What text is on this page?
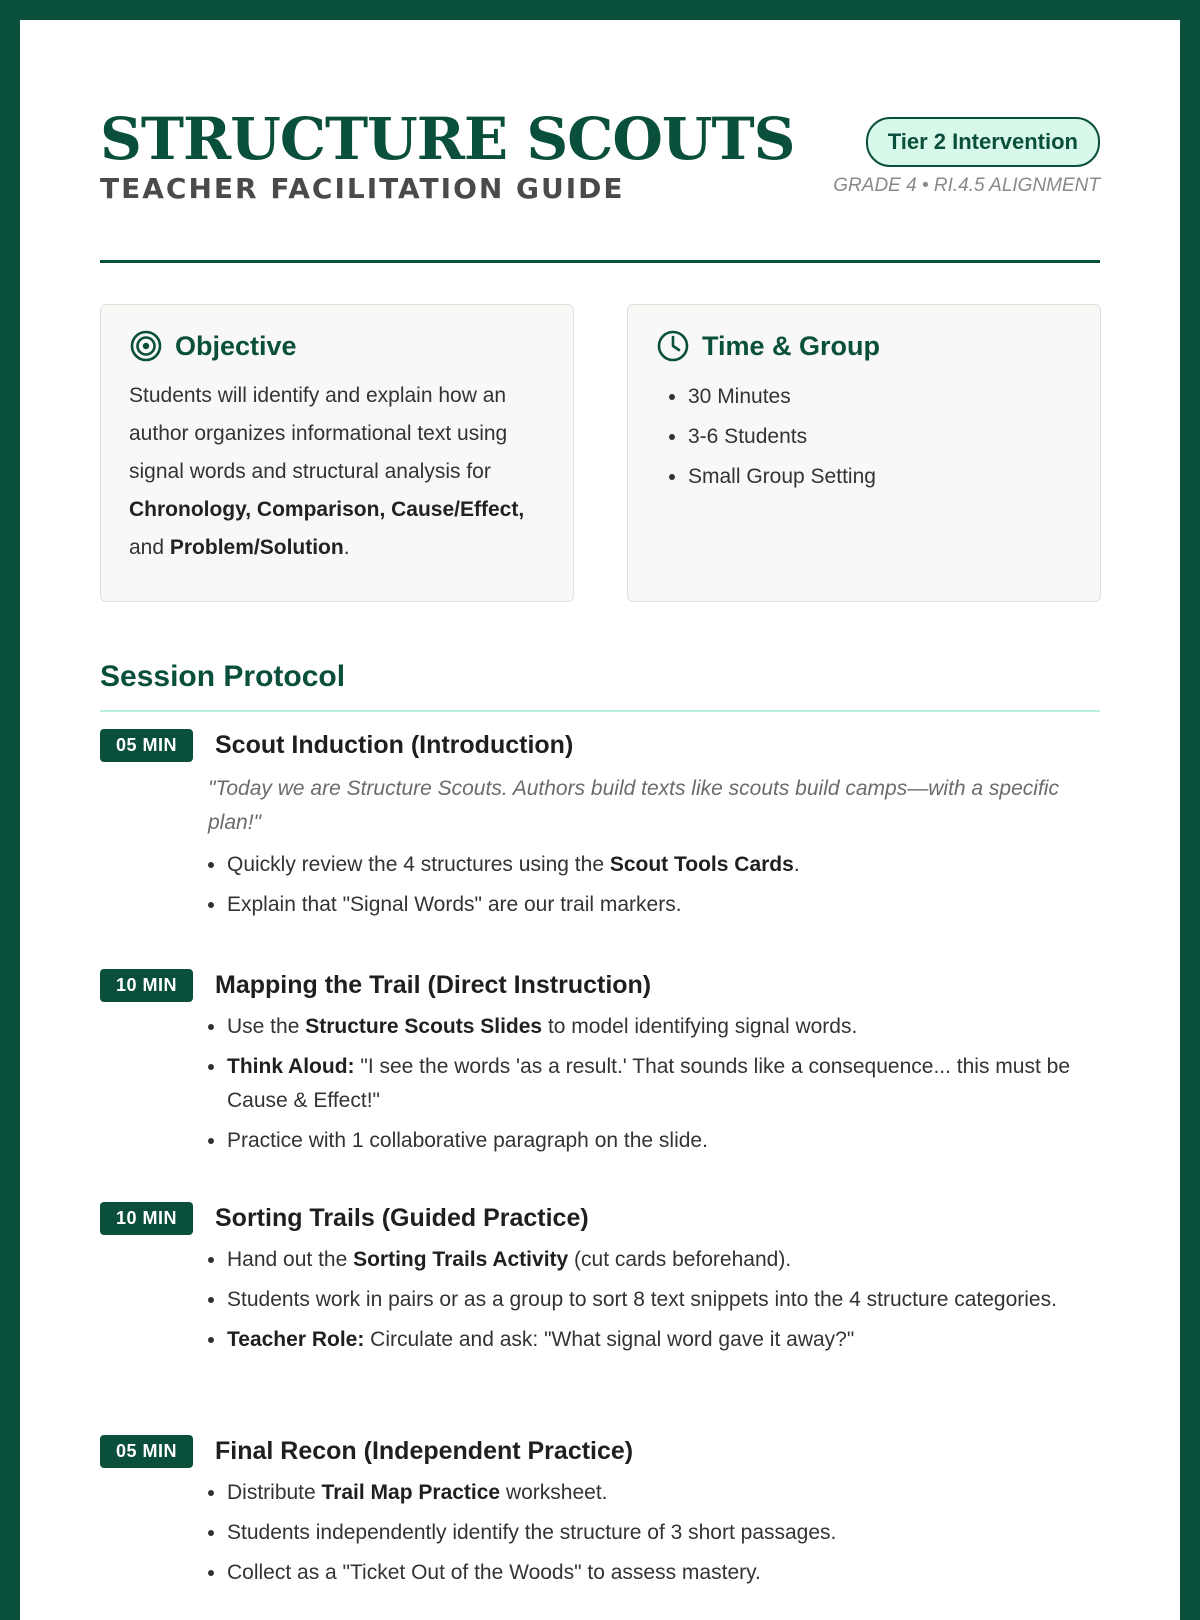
STRUCTURE SCOUTS
TEACHER FACILITATION GUIDE
Tier 2 Intervention
GRADE 4 • RI.4.5 ALIGNMENT
Objective
Students will identify and explain how an author organizes informational text using signal words and structural analysis for Chronology, Comparison, Cause/Effect, and Problem/Solution.
Time & Group
• 30 Minutes
• 3-6 Students
• Small Group Setting
Session Protocol
05 MIN	Scout Induction (Introduction)
"Today we are Structure Scouts. Authors build texts like scouts build camps—with a specific plan!"
• Quickly review the 4 structures using the Scout Tools Cards.
• Explain that "Signal Words" are our trail markers.
10 MIN	Mapping the Trail (Direct Instruction)
• Use the Structure Scouts Slides to model identifying signal words.
• Think Aloud: "I see the words 'as a result.' That sounds like a consequence... this must be Cause & Effect!"
• Practice with 1 collaborative paragraph on the slide.
10 MIN	Sorting Trails (Guided Practice)
• Hand out the Sorting Trails Activity (cut cards beforehand).
• Students work in pairs or as a group to sort 8 text snippets into the 4 structure categories.
• Teacher Role: Circulate and ask: "What signal word gave it away?"
05 MIN	Final Recon (Independent Practice)
• Distribute Trail Map Practice worksheet.
• Students independently identify the structure of 3 short passages.
• Collect as a "Ticket Out of the Woods" to assess mastery.
